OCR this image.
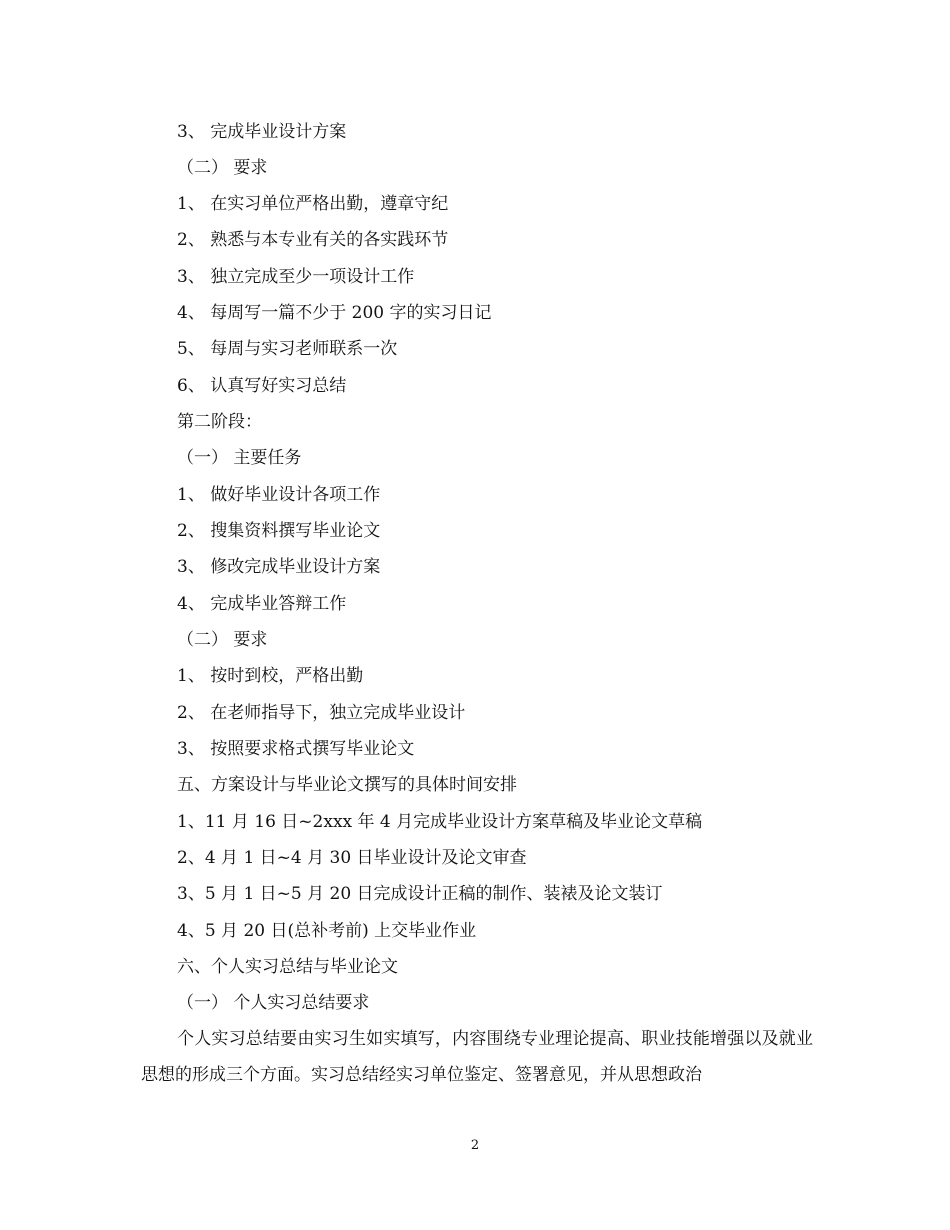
3、 完成毕业设计方案
（二） 要求
1、 在实习单位严格出勤，遵章守纪
2、 熟悉与本专业有关的各实践环节
3、 独立完成至少一项设计工作
4、 每周写一篇不少于 200 字的实习日记
5、 每周与实习老师联系一次
6、 认真写好实习总结
第二阶段：
（一） 主要任务
1、 做好毕业设计各项工作
2、 搜集资料撰写毕业论文
3、 修改完成毕业设计方案
4、 完成毕业答辩工作
（二） 要求
1、 按时到校，严格出勤
2、 在老师指导下，独立完成毕业设计
3、 按照要求格式撰写毕业论文
五、方案设计与毕业论文撰写的具体时间安排
1、11 月 16 日~2xxx 年 4 月完成毕业设计方案草稿及毕业论文草稿
2、4 月 1 日~4 月 30 日毕业设计及论文审查
3、5 月 1 日~5 月 20 日完成设计正稿的制作、装裱及论文装订
4、5 月 20 日(总补考前) 上交毕业作业
六、个人实习总结与毕业论文
（一） 个人实习总结要求
个人实习总结要由实习生如实填写，内容围绕专业理论提高、职业技能增强以及就业思想的形成三个方面。实习总结经实习单位鉴定、签署意见，并从思想政治
2
